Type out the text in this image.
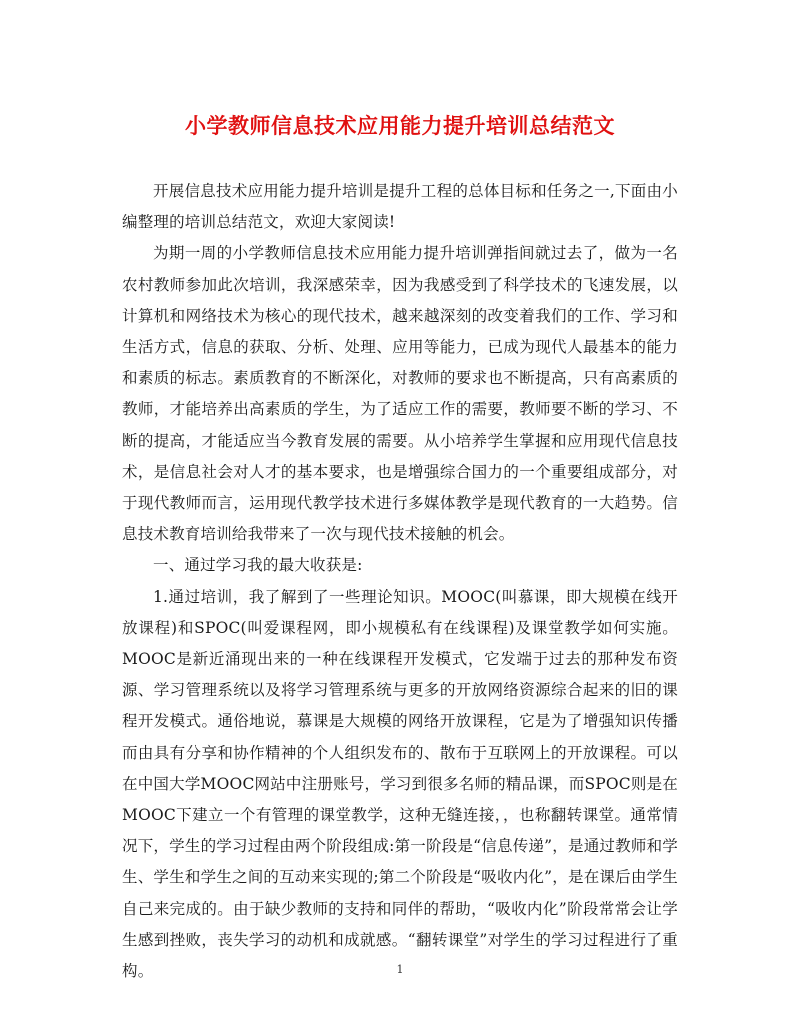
小学教师信息技术应用能力提升培训总结范文

开展信息技术应用能力提升培训是提升工程的总体目标和任务之一,下面由小编整理的培训总结范文，欢迎大家阅读!

为期一周的小学教师信息技术应用能力提升培训弹指间就过去了，做为一名农村教师参加此次培训，我深感荣幸，因为我感受到了科学技术的飞速发展，以计算机和网络技术为核心的现代技术，越来越深刻的改变着我们的工作、学习和生活方式，信息的获取、分析、处理、应用等能力，已成为现代人最基本的能力和素质的标志。素质教育的不断深化，对教师的要求也不断提高，只有高素质的教师，才能培养出高素质的学生，为了适应工作的需要，教师要不断的学习、不断的提高，才能适应当今教育发展的需要。从小培养学生掌握和应用现代信息技术，是信息社会对人才的基本要求，也是增强综合国力的一个重要组成部分，对于现代教师而言，运用现代教学技术进行多媒体教学是现代教育的一大趋势。信息技术教育培训给我带来了一次与现代技术接触的机会。

一、通过学习我的最大收获是:

1.通过培训，我了解到了一些理论知识。MOOC(叫慕课，即大规模在线开放课程)和SPOC(叫爱课程网，即小规模私有在线课程)及课堂教学如何实施。MOOC是新近涌现出来的一种在线课程开发模式，它发端于过去的那种发布资源、学习管理系统以及将学习管理系统与更多的开放网络资源综合起来的旧的课程开发模式。通俗地说，慕课是大规模的网络开放课程，它是为了增强知识传播而由具有分享和协作精神的个人组织发布的、散布于互联网上的开放课程。可以在中国大学MOOC网站中注册账号，学习到很多名师的精品课，而SPOC则是在MOOC下建立一个有管理的课堂教学，这种无缝连接，，也称翻转课堂。通常情况下，学生的学习过程由两个阶段组成:第一阶段是“信息传递”，是通过教师和学生、学生和学生之间的互动来实现的;第二个阶段是“吸收内化”，是在课后由学生自己来完成的。由于缺少教师的支持和同伴的帮助，“吸收内化”阶段常常会让学生感到挫败，丧失学习的动机和成就感。“翻转课堂”对学生的学习过程进行了重构。	1
